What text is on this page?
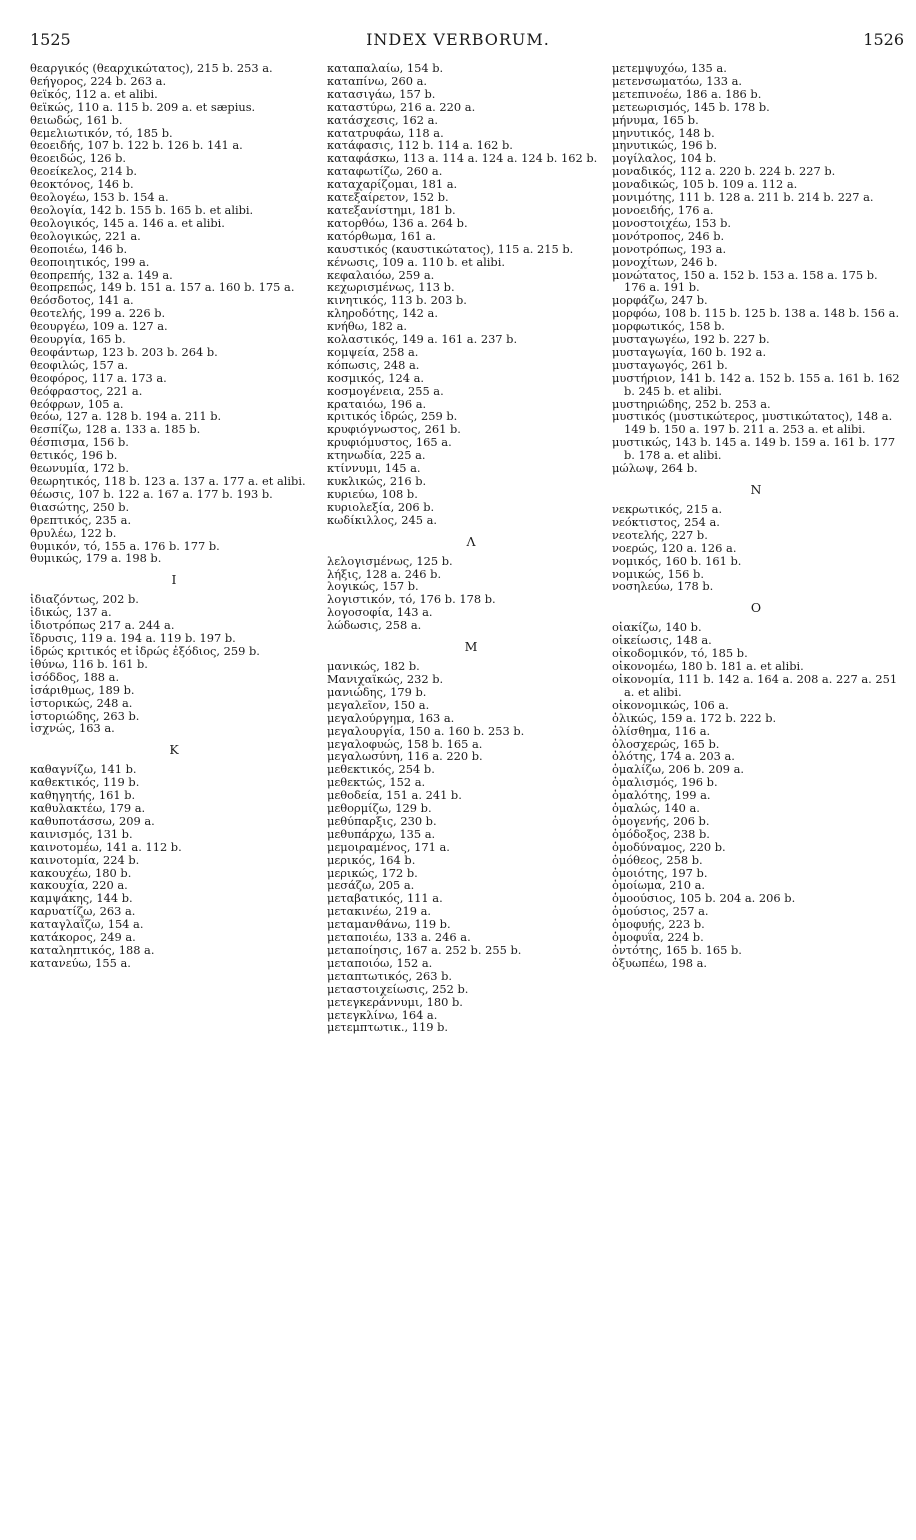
1525	INDEX VERBORUM.	1526
θεαργικός (θεαρχικώτατος), 215 b. 253 a.
θεήγορος, 224 b. 263 a.
θεϊκός, 112 a. et alibi.
θεϊκώς, 110 a. 115 b. 209 a. et sæpius.
θειωδώς, 161 b.
θεμελιωτικόν, τό, 185 b.
θεοειδής, 107 b. 122 b. 126 b. 141 a.
θεοειδώς, 126 b.
θεοείκελος, 214 b.
θεοκτόνος, 146 b.
θεολογέω, 153 b. 154 a.
θεολογία, 142 b. 155 b. 165 b. et alibi.
θεολογικός, 145 a. 146 a. et alibi.
θεολογικώς, 221 a.
θεοποιέω, 146 b.
θεοποιητικός, 199 a.
θεοπρεπής, 132 a. 149 a.
θεοπρεπώς, 149 b. 151 a. 157 a. 160 b. 175 a.
θεόσδοτος, 141 a.
θεοτελής, 199 a. 226 b.
θεουργέω, 109 a. 127 a.
θεουργία, 165 b.
θεοφάντωρ, 123 b. 203 b. 264 b.
θεοφιλώς, 157 a.
θεοφόρος, 117 a. 173 a.
θεόφραστος, 221 a.
θεόφρων, 105 a.
θεόω, 127 a. 128 b. 194 a. 211 b.
θεσπίζω, 128 a. 133 a. 185 b.
θέσπισμα, 156 b.
θετικός, 196 b.
θεωνυμία, 172 b.
θεωρητικός, 118 b. 123 a. 137 a. 177 a. et alibi.
θέωσις, 107 b. 122 a. 167 a. 177 b. 193 b.
θιασώτης, 250 b.
θρεπτικός, 235 a.
θρυλέω, 122 b.
θυμικόν, τό, 155 a. 176 b. 177 b.
θυμικώς, 179 a. 198 b.
I
ἰδιαζόντως, 202 b.
ἰδικώς, 137 a.
ἰδιοτρόπως 217 a. 244 a.
ἴδρυσις, 119 a. 194 a. 119 b. 197 b.
ἱδρώς κριτικός et ἱδρώς ἐξόδιος, 259 b.
ἰθύνω, 116 b. 161 b.
ἰσόδδος, 188 a.
ἰσάριθμως, 189 b.
ἱστορικώς, 248 a.
ἱστοριώδης, 263 b.
ἰσχνώς, 163 a.
K
καθαγνίζω, 141 b.
καθεκτικός, 119 b.
καθηγητής, 161 b.
καθυλακτέω, 179 a.
καθυποτάσσω, 209 a.
καινισμός, 131 b.
καινοτομέω, 141 a. 112 b.
καινοτομία, 224 b.
κακουχέω, 180 b.
κακουχία, 220 a.
καμψάκης, 144 b.
καρυατίζω, 263 a.
καταγλαΐζω, 154 a.
κατάκορος, 249 a.
καταληπτικός, 188 a.
κατανεύω, 155 a.
καταπαλαίω, 154 b.
καταπίνω, 260 a.
κατασιγάω, 157 b.
καταστύρω, 216 a. 220 a.
κατάσχεσις, 162 a.
κατατρυφάω, 118 a.
κατάφασις, 112 b. 114 a. 162 b.
καταφάσκω, 113 a. 114 a. 124 a. 124 b. 162 b.
καταφωτίζω, 260 a.
καταχαρίζομαι, 181 a.
κατεξαίρετον, 152 b.
κατεξανίστημι, 181 b.
κατορθόω, 136 a. 264 b.
κατόρθωμα, 161 a.
καυστικός (καυστικώτατος), 115 a. 215 b.
κένωσις, 109 a. 110 b. et alibi.
κεφαλαιόω, 259 a.
κεχωρισμένως, 113 b.
κινητικός, 113 b. 203 b.
κληροδότης, 142 a.
κνήθω, 182 a.
κολαστικός, 149 a. 161 a. 237 b.
κομψεία, 258 a.
κόπωσις, 248 a.
κοσμικός, 124 a.
κοσμογένεια, 255 a.
κραταιόω, 196 a.
κριτικός ἱδρώς, 259 b.
κρυφιόγνωστος, 261 b.
κρυφιόμυστος, 165 a.
κτηνωδία, 225 a.
κτίννυμι, 145 a.
κυκλικώς, 216 b.
κυριεύω, 108 b.
κυριολεξία, 206 b.
κωδίκιλλος, 245 a.
Λ
λελογισμένως, 125 b.
λήξις, 128 a. 246 b.
λογικώς, 157 b.
λογιστικόν, τό, 176 b. 178 b.
λογοσοφία, 143 a.
λώδωσις, 258 a.
M
μανικώς, 182 b.
Μανιχαϊκώς, 232 b.
μανιώδης, 179 b.
μεγαλεῖον, 150 a.
μεγαλούργημα, 163 a.
μεγαλουργία, 150 a. 160 b. 253 b.
μεγαλοφυώς, 158 b. 165 a.
μεγαλωσύνη, 116 a. 220 b.
μεθεκτικός, 254 b.
μεθεκτώς, 152 a.
μεθοδεία, 151 a. 241 b.
μεθορμίζω, 129 b.
μεθύπαρξις, 230 b.
μεθυπάρχω, 135 a.
μεμοιραμένος, 171 a.
μερικός, 164 b.
μερικώς, 172 b.
μεσάζω, 205 a.
μεταβατικός, 111 a.
μετακινέω, 219 a.
μεταμανθάνω, 119 b.
μεταποιέω, 133 a. 246 a.
μεταποίησις, 167 a. 252 b. 255 b.
μεταποιόω, 152 a.
μεταπτωτικός, 263 b.
μεταστοιχείωσις, 252 b.
μετεγκεράννυμι, 180 b.
μετεγκλίνω, 164 a.
μετεμπτωτικ., 119 b.
μετεμψυχόω, 135 a.
μετενσωματόω, 133 a.
μετεπινοέω, 186 a. 186 b.
μετεωρισμός, 145 b. 178 b.
μήνυμα, 165 b.
μηνυτικός, 148 b.
μηνυτικώς, 196 b.
μογίλαλος, 104 b.
μοναδικός, 112 a. 220 b. 224 b. 227 b.
μοναδικώς, 105 b. 109 a. 112 a.
μονιμότης, 111 b. 128 a. 211 b. 214 b. 227 a.
μονοειδής, 176 a.
μονοστοιχέω, 153 b.
μονότροπος, 246 b.
μονοτρόπως, 193 a.
μονοχίτων, 246 b.
μονώτατος, 150 a. 152 b. 153 a. 158 a. 175 b. 176 a. 191 b.
μορφάζω, 247 b.
μορφόω, 108 b. 115 b. 125 b. 138 a. 148 b. 156 a.
μορφωτικός, 158 b.
μυσταγωγέω, 192 b. 227 b.
μυσταγωγία, 160 b. 192 a.
μυσταγωγός, 261 b.
μυστήριον, 141 b. 142 a. 152 b. 155 a. 161 b. 162 b. 245 b. et alibi.
μυστηριώδης, 252 b. 253 a.
μυστικός (μυστικώτερος, μυστικώτατος), 148 a. 149 b. 150 a. 197 b. 211 a. 253 a. et alibi.
μυστικώς, 143 b. 145 a. 149 b. 159 a. 161 b. 177 b. 178 a. et alibi.
μώλωψ, 264 b.
N
νεκρωτικός, 215 a.
νεόκτιστος, 254 a.
νεοτελής, 227 b.
νοερώς, 120 a. 126 a.
νομικός, 160 b. 161 b.
νομικώς, 156 b.
νοσηλεύω, 178 b.
O
οἰακίζω, 140 b.
οἰκείωσις, 148 a.
οἰκοδομικόν, τό, 185 b.
οἰκονομέω, 180 b. 181 a. et alibi.
οἰκονομία, 111 b. 142 a. 164 a. 208 a. 227 a. 251 a. et alibi.
οἰκονομικώς, 106 a.
ὀλικώς, 159 a. 172 b. 222 b.
ὀλίσθημα, 116 a.
ὀλοσχερώς, 165 b.
ὀλότης, 174 a. 203 a.
ὁμαλίζω, 206 b. 209 a.
ὁμαλισμός, 196 b.
ὁμαλότης, 199 a.
ὁμαλώς, 140 a.
ὁμογενής, 206 b.
ὁμόδοξος, 238 b.
ὁμοδύναμος, 220 b.
ὁμόθεος, 258 b.
ὁμοιότης, 197 b.
ὁμοίωμα, 210 a.
ὁμοούσιος, 105 b. 204 a. 206 b.
ὁμούσιος, 257 a.
ὁμοφυής, 223 b.
ὁμοφυΐα, 224 b.
ὀντότης, 165 b. 165 b.
ὀξυωπέω, 198 a.
